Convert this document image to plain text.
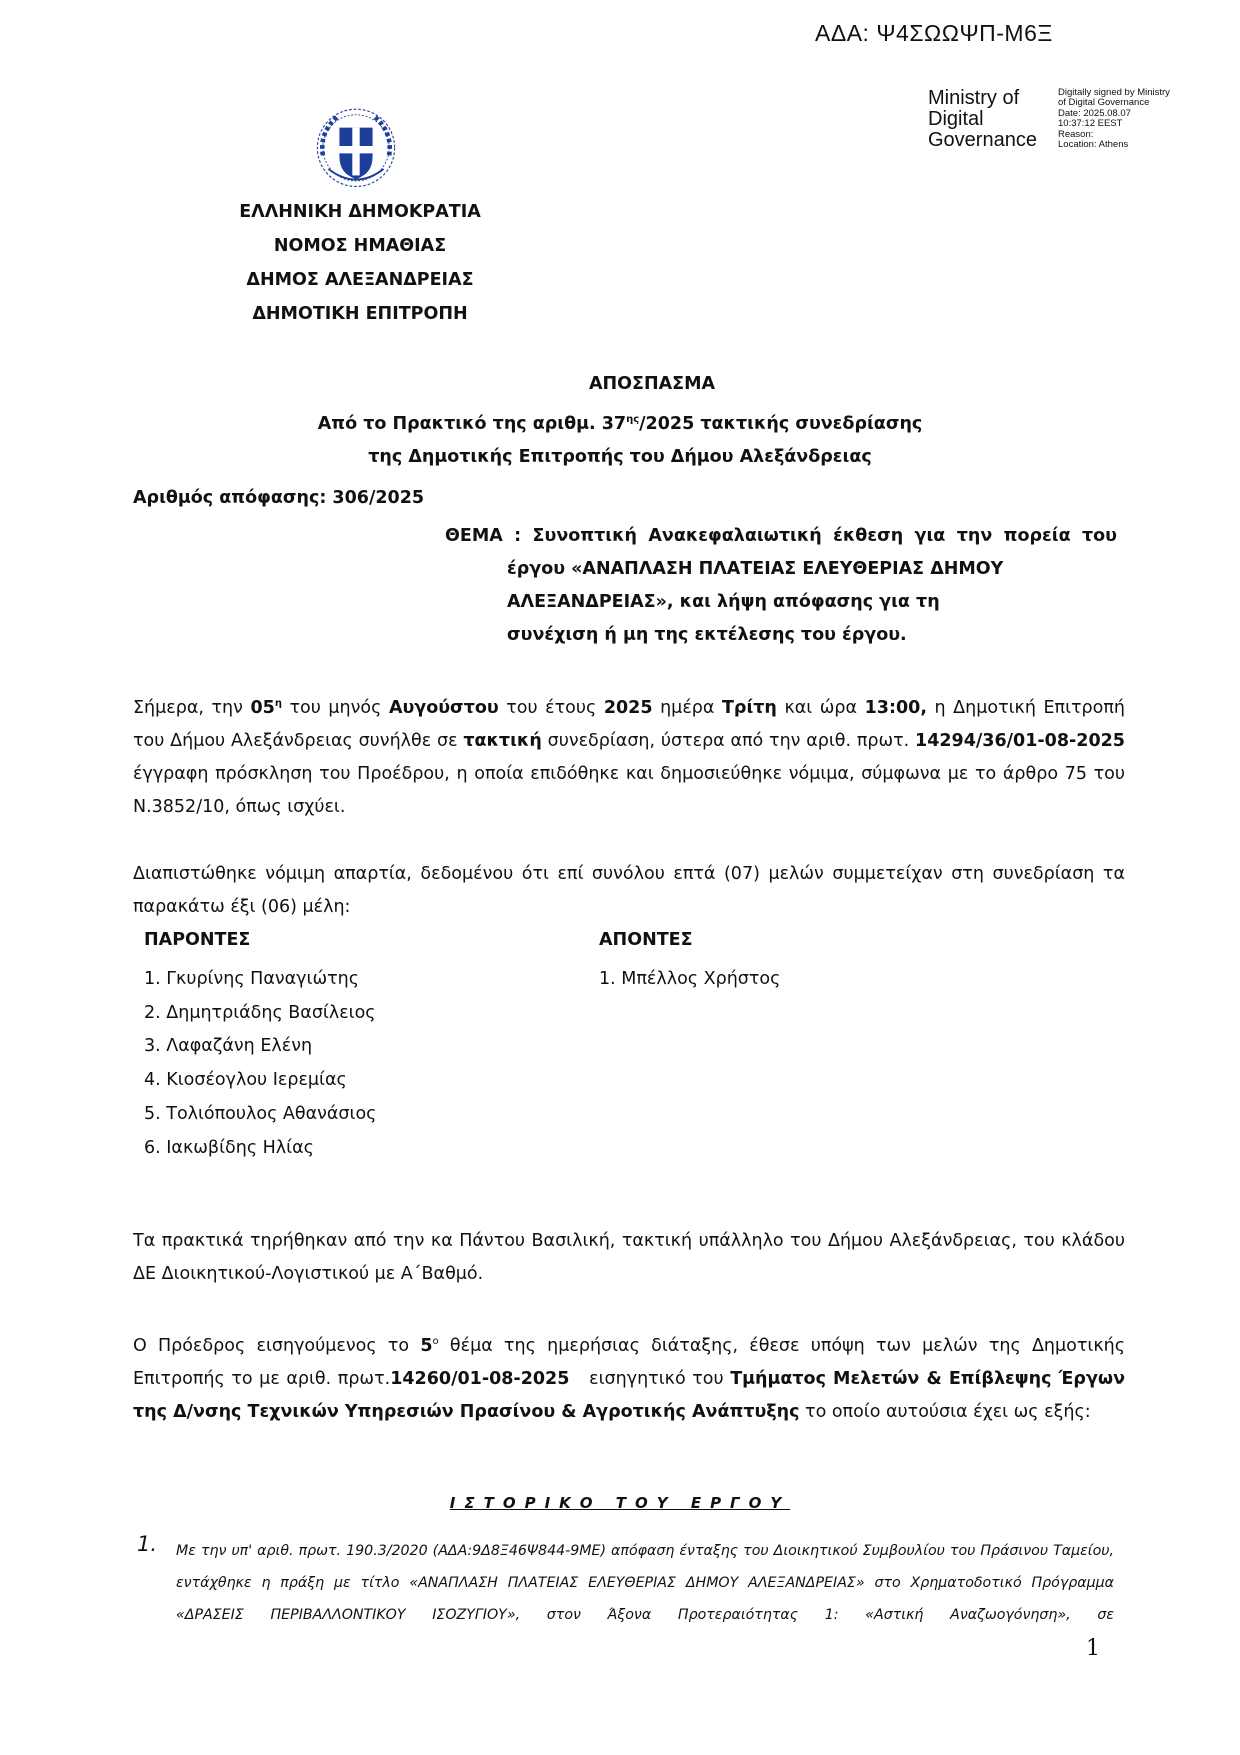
ΑΔΑ: Ψ4ΣΩΩΨΠ-Μ6Ξ
Ministry of
Digital
Governance
Digitally signed by Ministry
of Digital Governance
Date: 2025.08.07
10:37:12 EEST
Reason:
Location: Athens
ΕΛΛΗΝΙΚΗ ΔΗΜΟΚΡΑΤΙΑ
ΝΟΜΟΣ ΗΜΑΘΙΑΣ
ΔΗΜΟΣ ΑΛΕΞΑΝΔΡΕΙΑΣ
ΔΗΜΟΤΙΚΗ ΕΠΙΤΡΟΠΗ
ΑΠΟΣΠΑΣΜΑ
Από το Πρακτικό της αριθμ. $37^{\eta\varsigma}/2025$ τακτικής συνεδρίασης
της Δημοτικής Επιτροπής του Δήμου Αλεξάνδρειας
Αριθμός απόφασης: 306/2025
ΘΕΜΑ : Συνοπτική Ανακεφαλαιωτική έκθεση για την πορεία του
έργου «ΑΝΑΠΛΑΣΗ ΠΛΑΤΕΙΑΣ ΕΛΕΥΘΕΡΙΑΣ ΔΗΜΟΥ ΑΛΕΞΑΝΔΡΕΙΑΣ», και λήψη απόφασης για τη συνέχιση ή μη της εκτέλεσης του έργου.
Σήμερα, την $05^\eta$ του μηνός Αυγούστου του έτους 2025 ημέρα Τρίτη και ώρα 13:00, η Δημοτική Επιτροπή του Δήμου Αλεξάνδρειας συνήλθε σε τακτική συνεδρίαση, ύστερα από την αριθ. πρωτ. 14294/36/01-08-2025 έγγραφη πρόσκληση του Προέδρου, η οποία επιδόθηκε και δημοσιεύθηκε νόμιμα, σύμφωνα με το άρθρο 75 του Ν.3852/10, όπως ισχύει.
Διαπιστώθηκε νόμιμη απαρτία, δεδομένου ότι επί συνόλου επτά (07) μελών συμμετείχαν στη συνεδρίαση τα παρακάτω έξι (06) μέλη:
ΠΑΡΟΝΤΕΣ	ΑΠΟΝΤΕΣ
1. Γκυρίνης Παναγιώτης
2. Δημητριάδης Βασίλειος
3. Λαφαζάνη Ελένη
4. Κιοσέογλου Ιερεμίας
5. Τολιόπουλος Αθανάσιος
6. Ιακωβίδης Ηλίας
1. Μπέλλος Χρήστος
Τα πρακτικά τηρήθηκαν από την κα Πάντου Βασιλική, τακτική υπάλληλο του Δήμου Αλεξάνδρειας, του κλάδου ΔΕ Διοικητικού-Λογιστικού με Α΄Βαθμό.
Ο Πρόεδρος εισηγούμενος το $5^o$ θέμα της ημερήσιας διάταξης, έθεσε υπόψη των μελών της Δημοτικής Επιτροπής το με αριθ. πρωτ.14260/01-08-2025   εισηγητικό του Τμήματος Μελετών & Επίβλεψης Έργων της Δ/νσης Τεχνικών Υπηρεσιών Πρασίνου & Αγροτικής Ανάπτυξης το οποίο αυτούσια έχει ως εξής:
ΙΣΤΟΡΙΚΟ ΤΟΥ ΕΡΓΟΥ
1. Με την υπ' αριθ. πρωτ. 190.3/2020 (ΑΔΑ:9Δ8Ξ46Ψ844-9ΜΕ) απόφαση ένταξης του Διοικητικού Συμβουλίου του Πράσινου Ταμείου, εντάχθηκε η πράξη με τίτλο «ΑΝΑΠΛΑΣΗ ΠΛΑΤΕΙΑΣ ΕΛΕΥΘΕΡΙΑΣ ΔΗΜΟΥ ΑΛΕΞΑΝΔΡΕΙΑΣ» στο Χρηματοδοτικό Πρόγραμμα «ΔΡΑΣΕΙΣ ΠΕΡΙΒΑΛΛΟΝΤΙΚΟΥ ΙΣΟΖΥΓΙΟΥ», στον Άξονα Προτεραιότητας 1: «Αστική Αναζωογόνηση», σε
1
